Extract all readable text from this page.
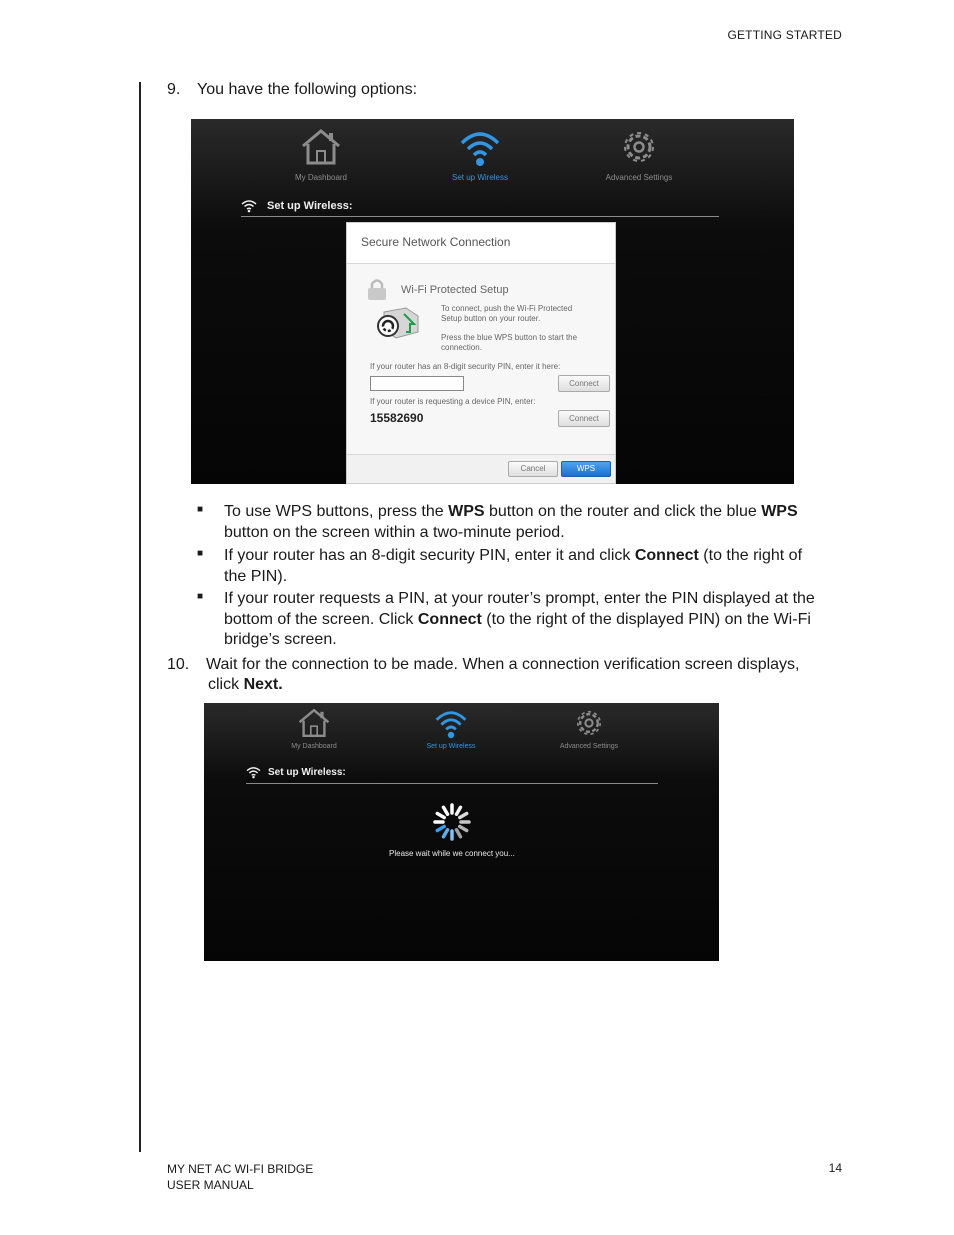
GETTING STARTED
9. You have the following options:
My Dashboard	Set up Wireless	Advanced Settings
Set up Wireless:
Secure Network Connection
Wi-Fi Protected Setup
To connect, push the Wi-Fi Protected
Setup button on your router.
Press the blue WPS button to start the
connection.
If your router has an 8-digit security PIN, enter it here:
Connect
If your router is requesting a device PIN, enter:
15582690	Connect
Cancel	WPS
■ To use WPS buttons, press the WPS button on the router and click the blue WPS
button on the screen within a two-minute period.
■ If your router has an 8-digit security PIN, enter it and click Connect (to the right of
the PIN).
■ If your router requests a PIN, at your router’s prompt, enter the PIN displayed at the
bottom of the screen. Click Connect (to the right of the displayed PIN) on the Wi-Fi
bridge’s screen.
10. Wait for the connection to be made. When a connection verification screen displays,
click Next.
My Dashboard	Set up Wireless	Advanced Settings
Set up Wireless:
Please wait while we connect you...
MY NET AC WI-FI BRIDGE
USER MANUAL
14
